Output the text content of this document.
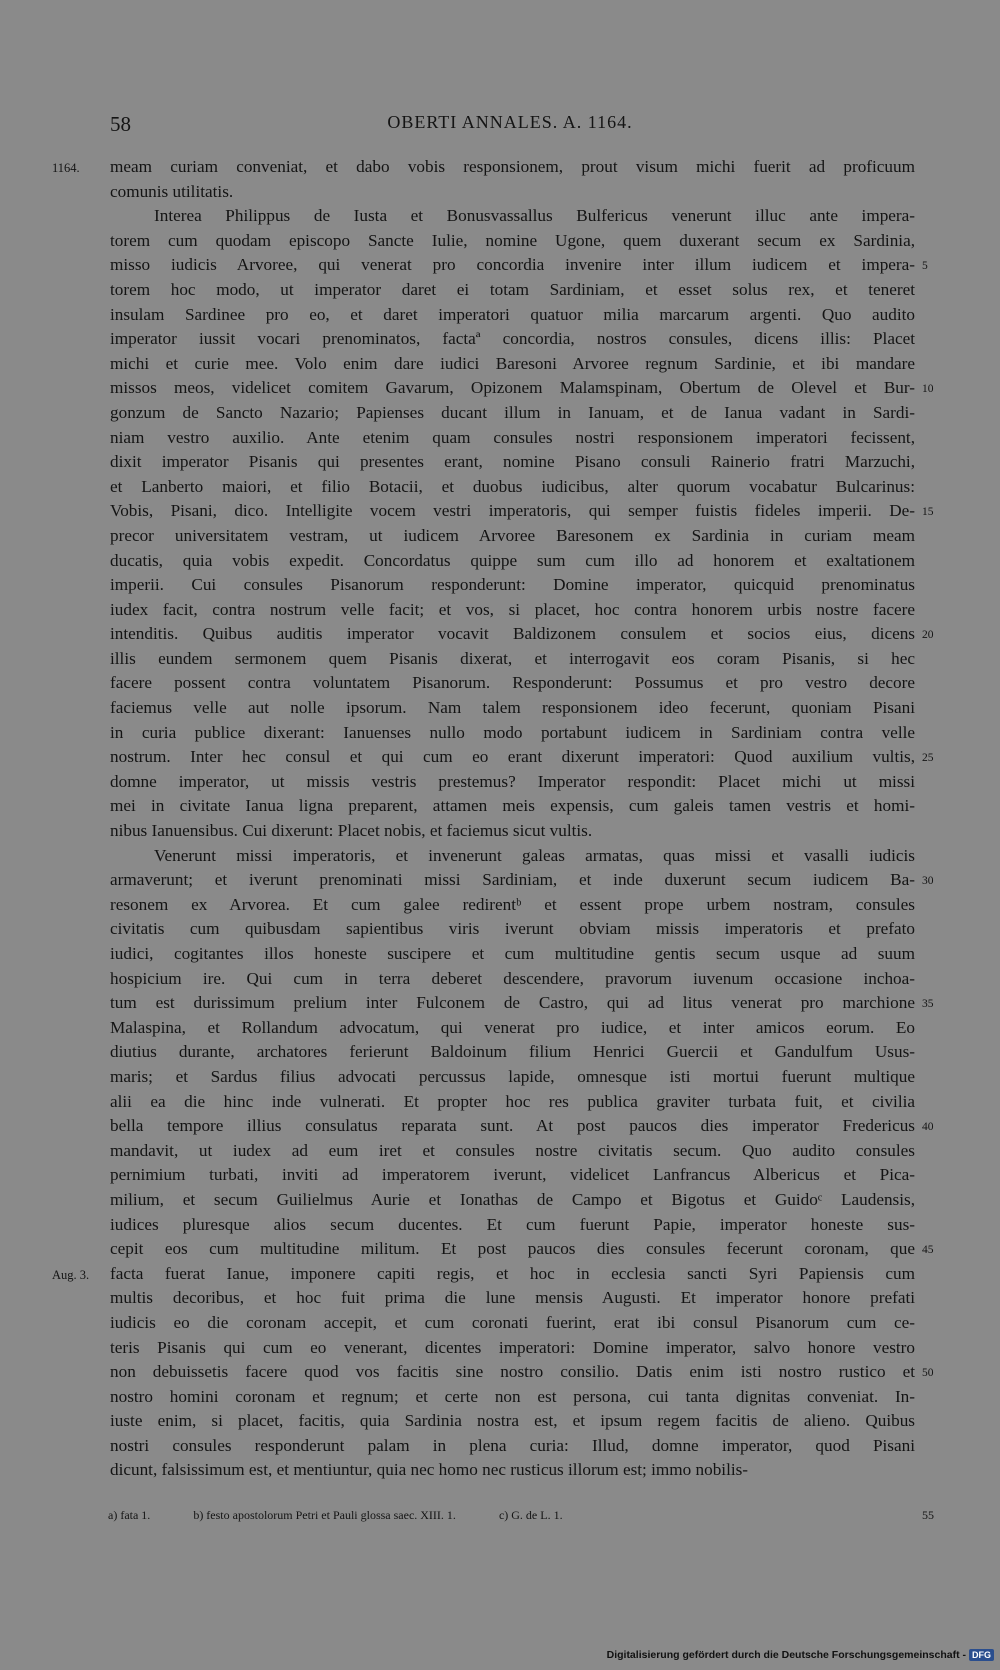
58	OBERTI ANNALES. A. 1164.
meam curiam conveniat, et dabo vobis responsionem, prout visum michi fuerit ad proficuum
comunis utilitatis.
Interea Philippus de Iusta et Bonusvassallus Bulfericus venerunt illuc ante impera-
torem cum quodam episcopo Sancte Iulie, nomine Ugone, quem duxerant secum ex Sardinia,
misso iudicis Arvoree, qui venerat pro concordia invenire inter illum iudicem et impera-
torem hoc modo, ut imperator daret ei totam Sardiniam, et esset solus rex, et teneret
insulam Sardinee pro eo, et daret imperatori quatuor milia marcarum argenti. Quo audito
imperator iussit vocari prenominatos, factaª concordia, nostros consules, dicens illis: Placet
michi et curie mee. Volo enim dare iudici Baresoni Arvoree regnum Sardinie, et ibi mandare
missos meos, videlicet comitem Gavarum, Opizonem Malamspinam, Obertum de Olevel et Bur-
gonzum de Sancto Nazario; Papienses ducant illum in Ianuam, et de Ianua vadant in Sardi-
niam vestro auxilio. Ante etenim quam consules nostri responsionem imperatori fecissent,
dixit imperator Pisanis qui presentes erant, nomine Pisano consuli Rainerio fratri Marzuchi,
et Lanberto maiori, et filio Botacii, et duobus iudicibus, alter quorum vocabatur Bulcarinus:
Vobis, Pisani, dico. Intelligite vocem vestri imperatoris, qui semper fuistis fideles imperii. De-
precor universitatem vestram, ut iudicem Arvoree Baresonem ex Sardinia in curiam meam
ducatis, quia vobis expedit. Concordatus quippe sum cum illo ad honorem et exaltationem
imperii. Cui consules Pisanorum responderunt: Domine imperator, quicquid prenominatus
iudex facit, contra nostrum velle facit; et vos, si placet, hoc contra honorem urbis nostre facere
intenditis. Quibus auditis imperator vocavit Baldizonem consulem et socios eius, dicens
illis eundem sermonem quem Pisanis dixerat, et interrogavit eos coram Pisanis, si hec
facere possent contra voluntatem Pisanorum. Responderunt: Possumus et pro vestro decore
faciemus velle aut nolle ipsorum. Nam talem responsionem ideo fecerunt, quoniam Pisani
in curia publice dixerant: Ianuenses nullo modo portabunt iudicem in Sardiniam contra velle
nostrum. Inter hec consul et qui cum eo erant dixerunt imperatori: Quod auxilium vultis,
domne imperator, ut missis vestris prestemus? Imperator respondit: Placet michi ut missi
mei in civitate Ianua ligna preparent, attamen meis expensis, cum galeis tamen vestris et homi-
nibus Ianuensibus. Cui dixerunt: Placet nobis, et faciemus sicut vultis.
Venerunt missi imperatoris, et invenerunt galeas armatas, quas missi et vasalli iudicis
armaverunt; et iverunt prenominati missi Sardiniam, et inde duxerunt secum iudicem Ba-
resonem ex Arvorea. Et cum galee redirentᵇ et essent prope urbem nostram, consules
civitatis cum quibusdam sapientibus viris iverunt obviam missis imperatoris et prefato
iudici, cogitantes illos honeste suscipere et cum multitudine gentis secum usque ad suum
hospicium ire. Qui cum in terra deberet descendere, pravorum iuvenum occasione inchoa-
tum est durissimum prelium inter Fulconem de Castro, qui ad litus venerat pro marchione
Malaspina, et Rollandum advocatum, qui venerat pro iudice, et inter amicos eorum. Eo
diutius durante, archatores ferierunt Baldoinum filium Henrici Guercii et Gandulfum Usus-
maris; et Sardus filius advocati percussus lapide, omnesque isti mortui fuerunt multique
alii ea die hinc inde vulnerati. Et propter hoc res publica graviter turbata fuit, et civilia
bella tempore illius consulatus reparata sunt. At post paucos dies imperator Fredericus
mandavit, ut iudex ad eum iret et consules nostre civitatis secum. Quo audito consules
pernimium turbati, inviti ad imperatorem iverunt, videlicet Lanfrancus Albericus et Pica-
milium, et secum Guilielmus Aurie et Ionathas de Campo et Bigotus et Guidoᶜ Laudensis,
iudices pluresque alios secum ducentes. Et cum fuerunt Papie, imperator honeste sus-
cepit eos cum multitudine militum. Et post paucos dies consules fecerunt coronam, que
facta fuerat Ianue, imponere capiti regis, et hoc in ecclesia sancti Syri Papiensis cum
multis decoribus, et hoc fuit prima die lune mensis Augusti. Et imperator honore prefati
iudicis eo die coronam accepit, et cum coronati fuerint, erat ibi consul Pisanorum cum ce-
teris Pisanis qui cum eo venerant, dicentes imperatori: Domine imperator, salvo honore vestro
non debuissetis facere quod vos facitis sine nostro consilio. Datis enim isti nostro rustico et
nostro homini coronam et regnum; et certe non est persona, cui tanta dignitas conveniat. In-
iuste enim, si placet, facitis, quia Sardinia nostra est, et ipsum regem facitis de alieno. Quibus
nostri consules responderunt palam in plena curia: Illud, domne imperator, quod Pisani
dicunt, falsissimum est, et mentiuntur, quia nec homo nec rusticus illorum est; immo nobilis-
1164.
Aug. 3.
5
10
15
20
25
30
35
40
45
50
a) fata 1.	b) festo apostolorum Petri et Pauli glossa saec. XIII. 1.	c) G. de L. 1.	55
Digitalisierung gefördert durch die Deutsche Forschungsgemeinschaft - DFG
